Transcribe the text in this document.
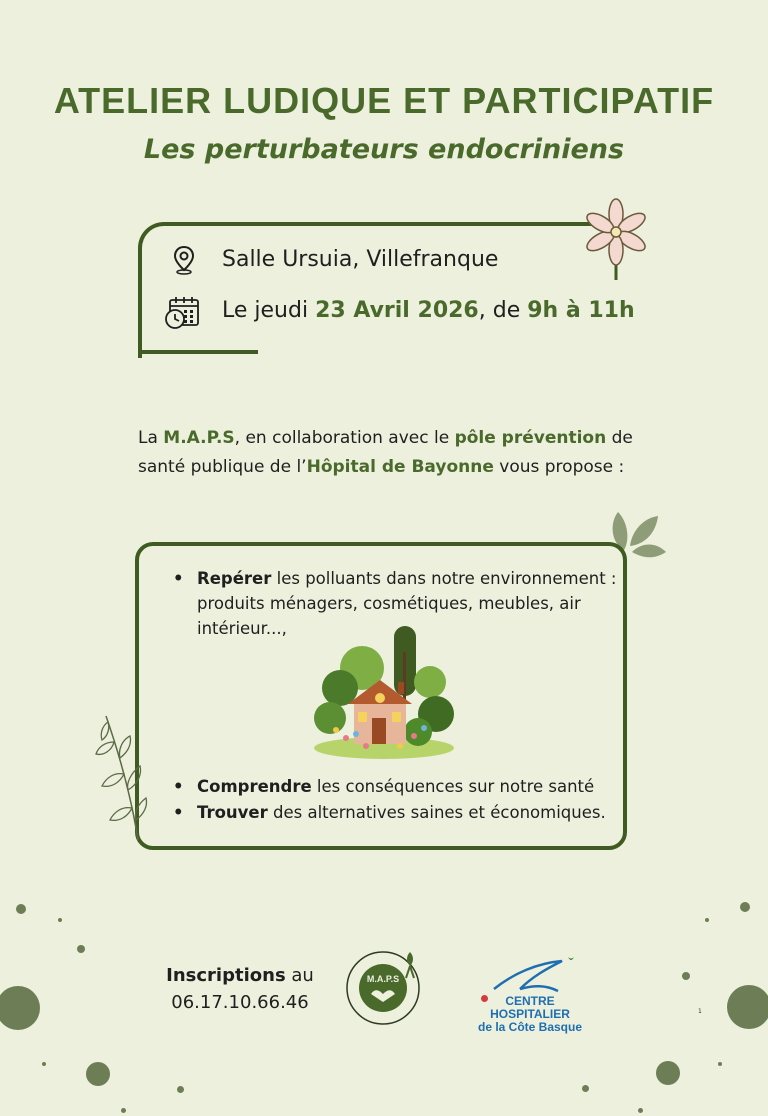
ATELIER LUDIQUE ET PARTICIPATIF
Les perturbateurs endocriniens
Salle Ursuia, Villefranque
Le jeudi 23 Avril 2026, de 9h à 11h
La M.A.P.S, en collaboration avec le pôle prévention de santé publique de l’Hôpital de Bayonne vous propose :
• Repérer les polluants dans notre environnement : produits ménagers, cosmétiques, meubles, air intérieur...,
• Comprendre les conséquences sur notre santé
• Trouver des alternatives saines et économiques.
Inscriptions au
06.17.10.66.46
M.A.P.S
CENTRE HOSPITALIER
de la Côte Basque
1
